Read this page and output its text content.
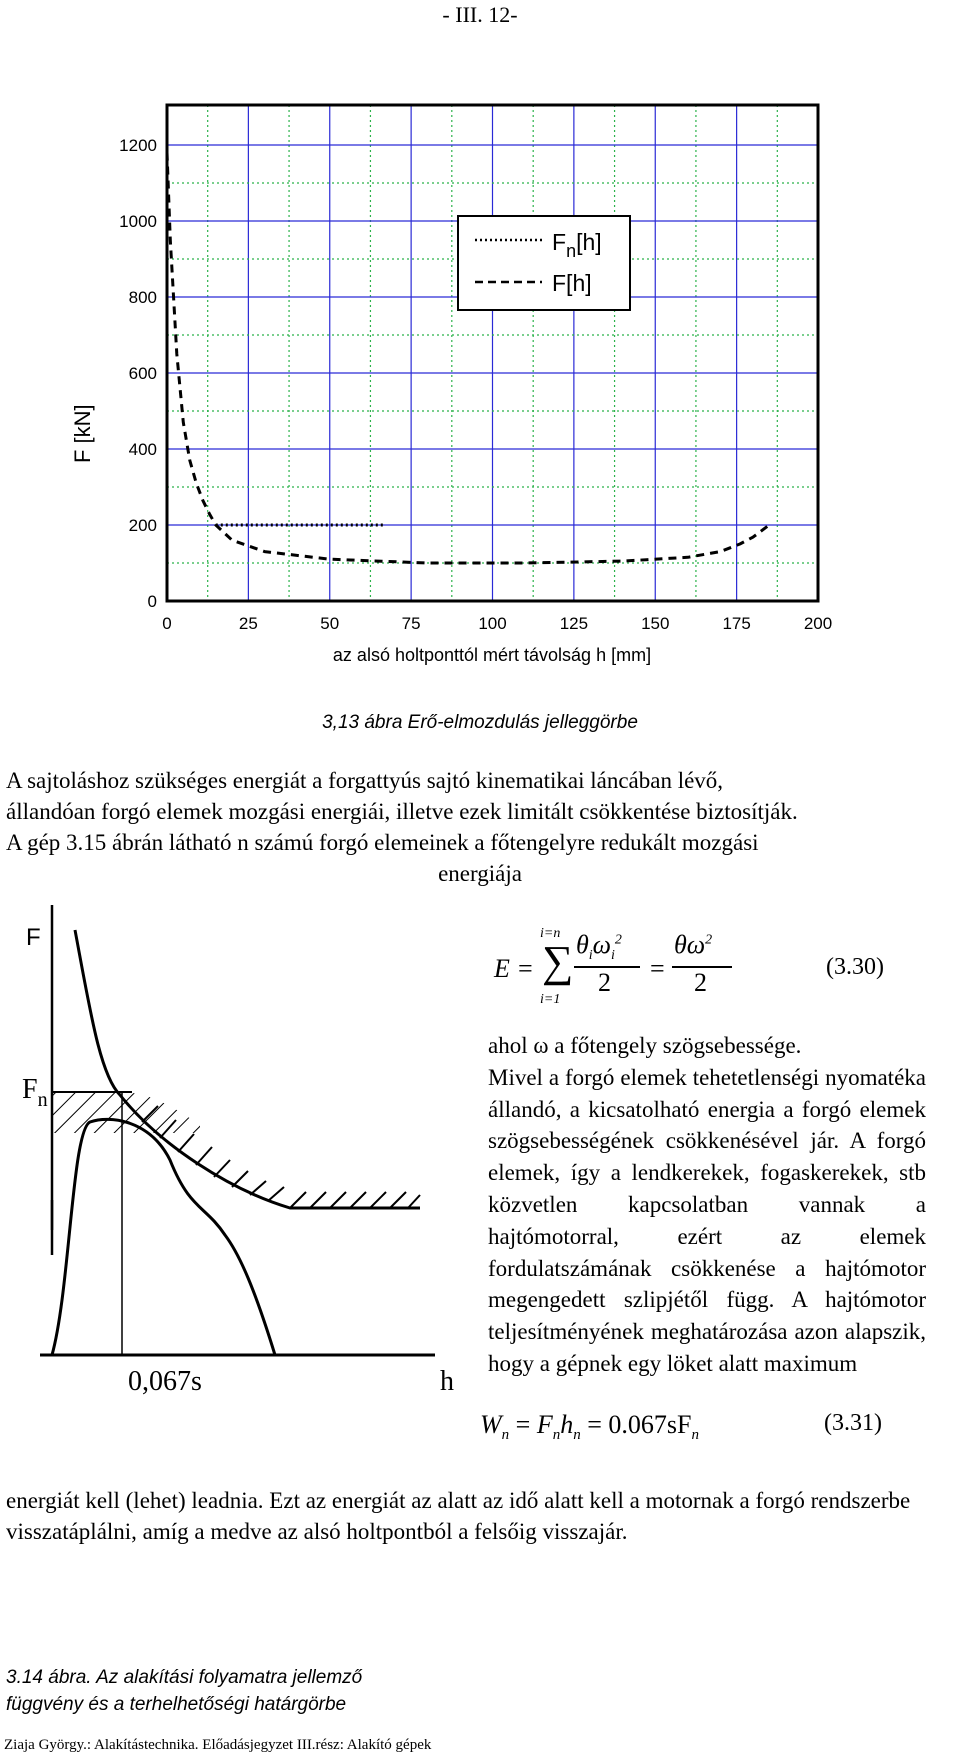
- III. 12-
0	25	50	75	100	125	150	175	200
0
200
400
600
800
1000
1200
$F_n[h]$
F[h]
F [kN]
az alsó holtponttól mért távolság h [mm]
3,13 ábra Erő-elmozdulás jelleggörbe
A sajtoláshoz szükséges energiát a forgattyús sajtó kinematikai láncában lévő,
állandóan forgó elemek mozgási energiái, illetve ezek limitált csökkentése biztosítják.
A gép 3.15 ábrán látható n számú forgó elemeinek a főtengelyre redukált mozgási

energiája
F
$F_n$
0,067s	h
E =
i=n
∑
i=1
$\theta_i\omega_i^2$
2 =
$\theta\omega^2$
2
(3.30)
ahol ω a főtengely szögsebessége.
Mivel a forgó elemek tehetetlenségi nyomatéka állandó, a kicsatolható energia a forgó elemek szögsebességének csökkenésével jár. A forgó elemek, így a lendkerekek, fogaskerekek, stb közvetlen kapcsolatban vannak a hajtómotorral, ezért az elemek fordulatszámának csökkenése a hajtómotor megengedett szlipjétől függ. A hajtómotor teljesítményének meghatározása azon alapszik, hogy a gépnek egy löket alatt maximum
3.14 ábra. Az alakítási folyamatra jellemző
függvény és a terhelhetőségi határgörbe
$W_n = F_nh_n = 0.067sF_n$	(3.31)
energiát kell (lehet) leadnia. Ezt az energiát az alatt az idő alatt kell a motornak a forgó rendszerbe visszatáplálni, amíg a medve az alsó holtpontból a felsőig visszajár.
Ziaja György.: Alakítástechnika. Előadásjegyzet III.rész: Alakító gépek
